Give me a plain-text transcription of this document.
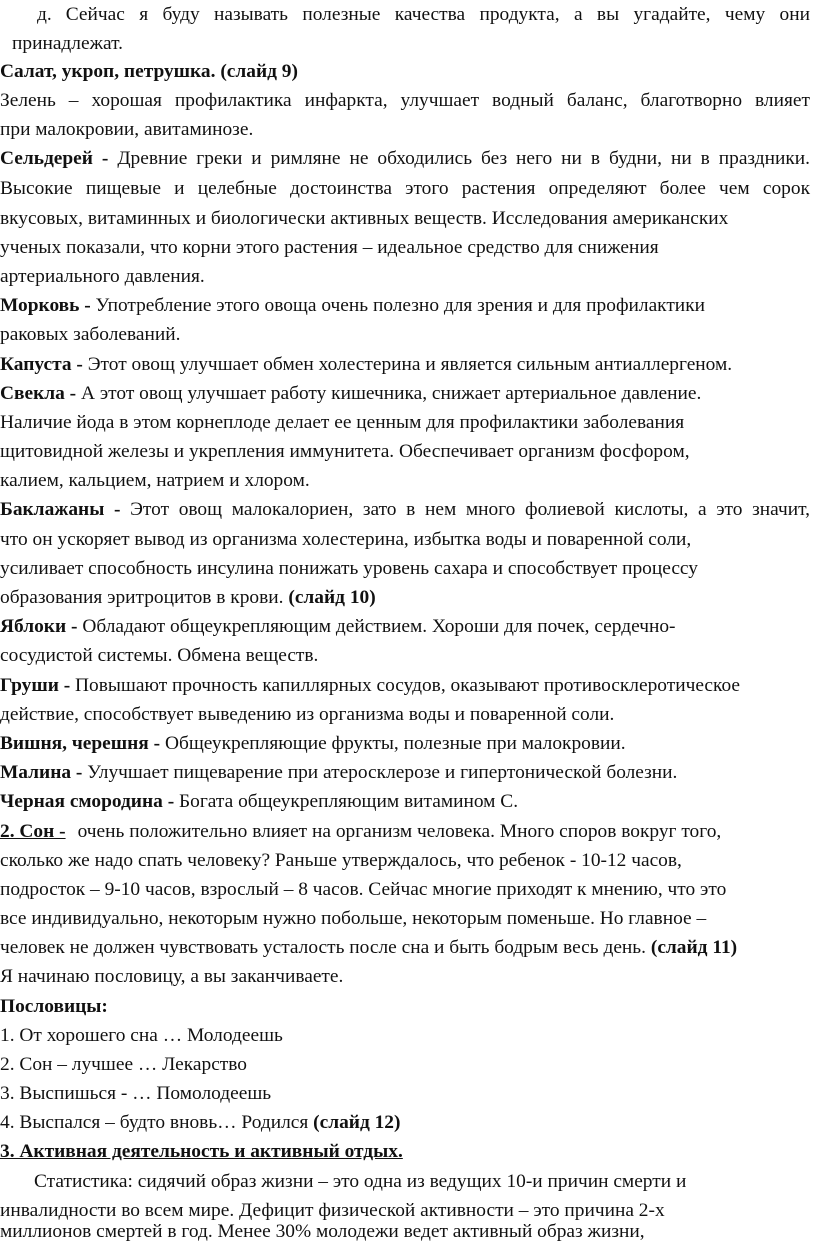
д. Сейчас я буду называть полезные качества продукта, а вы угадайте, чему они
принадлежат.
Салат, укроп, петрушка. (слайд 9)
Зелень – хорошая профилактика инфаркта, улучшает водный баланс, благотворно влияет
при малокровии, авитаминозе.
Сельдерей - Древние греки и римляне не обходились без него ни в будни, ни в праздники.
Высокие пищевые и целебные достоинства этого растения определяют более чем сорок
вкусовых, витаминных и биологически активных веществ. Исследования американских
ученых показали, что корни этого растения – идеальное средство для снижения
артериального давления.
Морковь - Употребление этого овоща очень полезно для зрения и для профилактики
раковых заболеваний.
Капуста - Этот овощ улучшает обмен холестерина и является сильным антиаллергеном.
Свекла - А этот овощ улучшает работу кишечника, снижает артериальное давление.
Наличие йода в этом корнеплоде делает ее ценным для профилактики заболевания
щитовидной железы и укрепления иммунитета. Обеспечивает организм фосфором,
калием, кальцием, натрием и хлором.
Баклажаны - Этот овощ малокалориен, зато в нем много фолиевой кислоты, а это значит,
что он ускоряет вывод из организма холестерина, избытка воды и поваренной соли,
усиливает способность инсулина понижать уровень сахара и способствует процессу
образования эритроцитов в крови. (слайд 10)
Яблоки - Обладают общеукрепляющим действием. Хороши для почек, сердечно-
сосудистой системы. Обмена веществ.
Груши - Повышают прочность капиллярных сосудов, оказывают противосклеротическое
действие, способствует выведению из организма воды и поваренной соли.
Вишня, черешня - Общеукрепляющие фрукты, полезные при малокровии.
Малина - Улучшает пищеварение при атеросклерозе и гипертонической болезни.
Черная смородина - Богата общеукрепляющим витамином С.
2. Сон - очень положительно влияет на организм человека. Много споров вокруг того,
сколько же надо спать человеку? Раньше утверждалось, что ребенок - 10-12 часов,
подросток – 9-10 часов, взрослый – 8 часов. Сейчас многие приходят к мнению, что это
все индивидуально, некоторым нужно побольше, некоторым поменьше. Но главное –
человек не должен чувствовать усталость после сна и быть бодрым весь день. (слайд 11)
Я начинаю пословицу, а вы заканчиваете.
Пословицы:
1. От хорошего сна … Молодеешь
2. Сон – лучшее … Лекарство
3. Выспишься - … Помолодеешь
4. Выспался – будто вновь… Родился (слайд 12)
3. Активная деятельность и активный отдых.
Статистика: сидячий образ жизни – это одна из ведущих 10-и причин смерти и
инвалидности во всем мире. Дефицит физической активности – это причина 2-х
миллионов смертей в год. Менее 30% молодежи ведет активный образ жизни,
